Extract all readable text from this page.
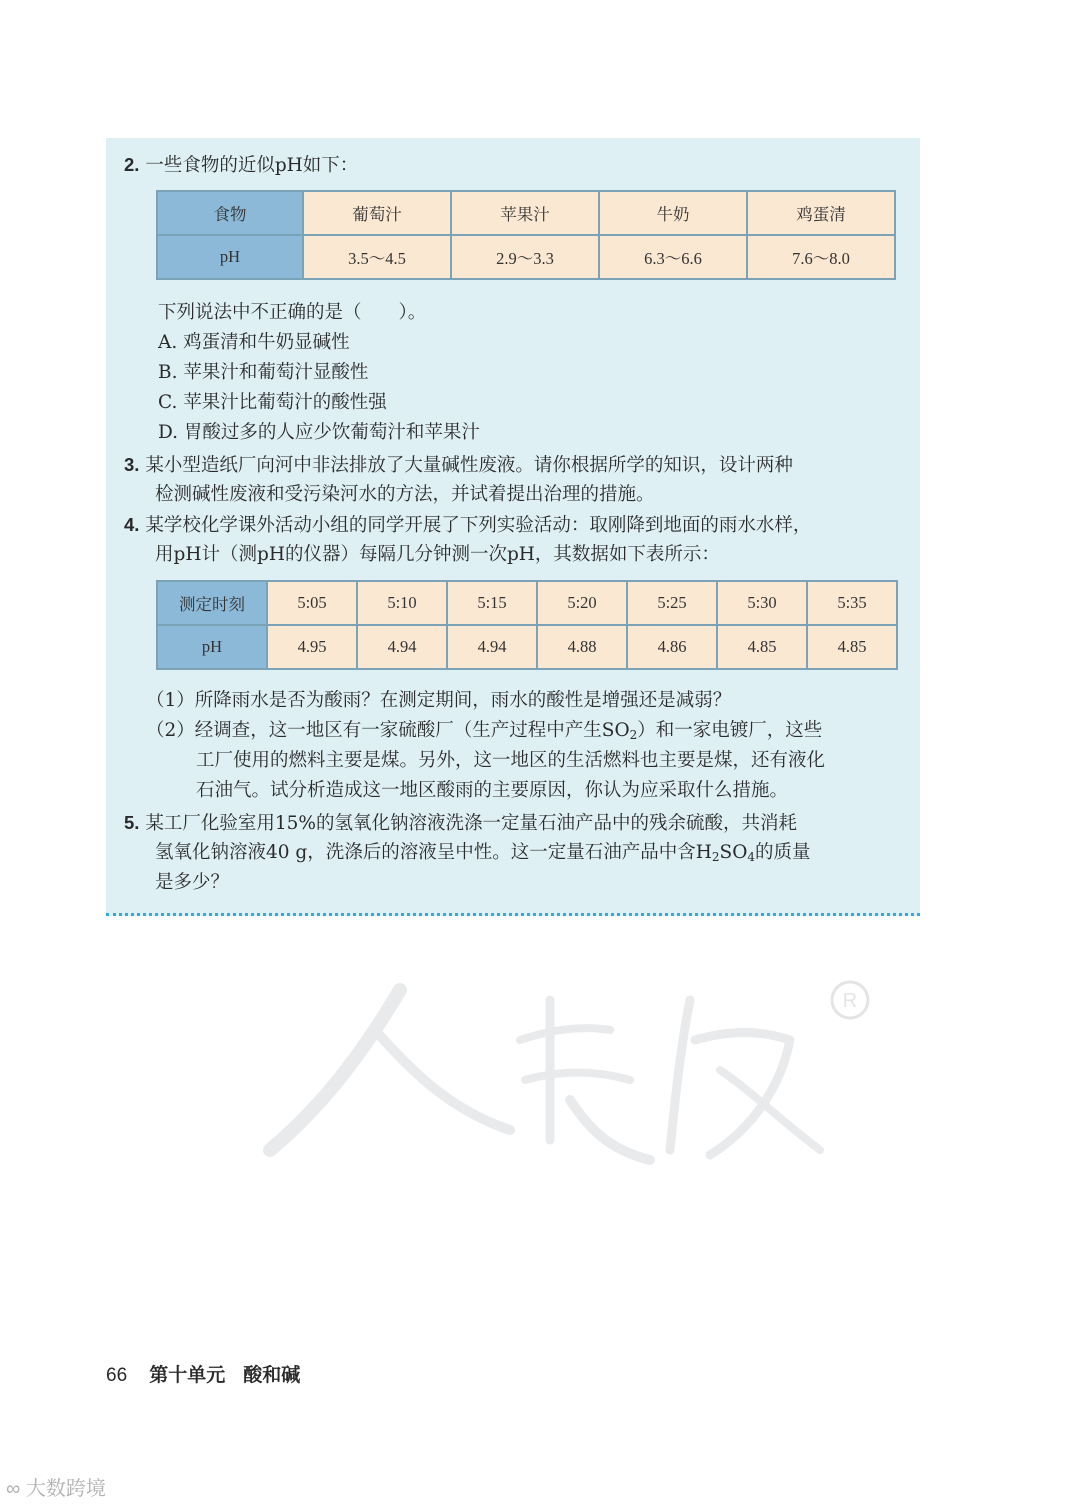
2. 一些食物的近似pH如下：
食物	葡萄汁	苹果汁	牛奶	鸡蛋清
pH	3.5～4.5	2.9～3.3	6.3～6.6	7.6～8.0
下列说法中不正确的是（　　）。
A. 鸡蛋清和牛奶显碱性
B. 苹果汁和葡萄汁显酸性
C. 苹果汁比葡萄汁的酸性强
D. 胃酸过多的人应少饮葡萄汁和苹果汁
3. 某小型造纸厂向河中非法排放了大量碱性废液。请你根据所学的知识，设计两种
检测碱性废液和受污染河水的方法，并试着提出治理的措施。
4. 某学校化学课外活动小组的同学开展了下列实验活动：取刚降到地面的雨水水样，
用pH计（测pH的仪器）每隔几分钟测一次pH，其数据如下表所示：
测定时刻	5:05	5:10	5:15	5:20	5:25	5:30	5:35
pH	4.95	4.94	4.94	4.88	4.86	4.85	4.85
（1）所降雨水是否为酸雨？在测定期间，雨水的酸性是增强还是减弱？
（2）经调查，这一地区有一家硫酸厂（生产过程中产生$SO_2$）和一家电镀厂，这些
工厂使用的燃料主要是煤。另外，这一地区的生活燃料也主要是煤，还有液化
石油气。试分析造成这一地区酸雨的主要原因，你认为应采取什么措施。
5. 某工厂化验室用15%的氢氧化钠溶液洗涤一定量石油产品中的残余硫酸，共消耗
氢氧化钠溶液40 g，洗涤后的溶液呈中性。这一定量石油产品中含$H_2SO_4$的质量
是多少？
R
66 第十单元 酸和碱
∞ 大数跨境
